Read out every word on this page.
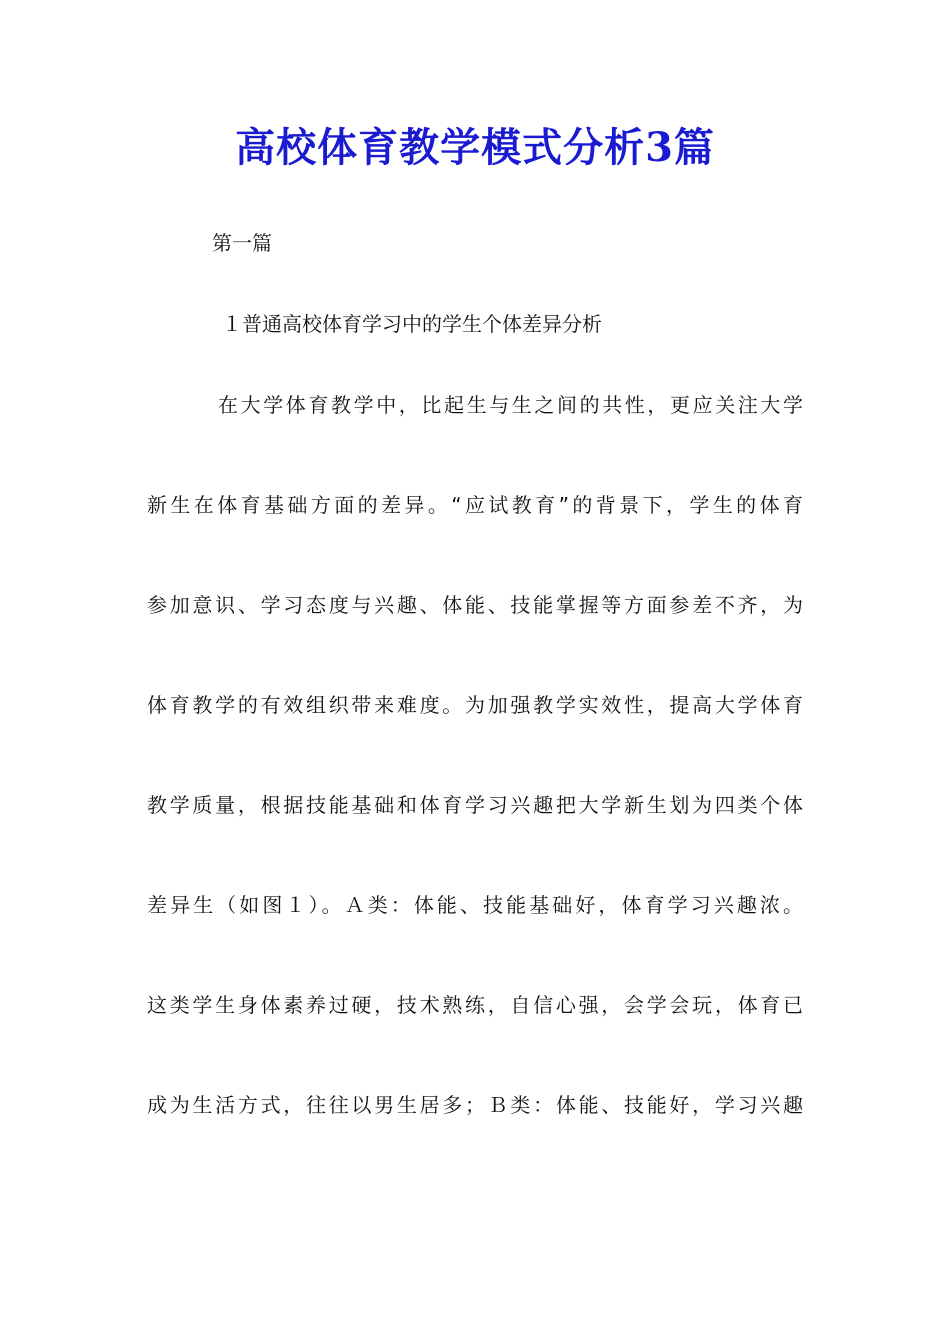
高校体育教学模式分析3篇
第一篇
１普通高校体育学习中的学生个体差异分析
在大学体育教学中，比起生与生之间的共性，更应关注大学
新生在体育基础方面的差异。“应试教育”的背景下，学生的体育
参加意识、学习态度与兴趣、体能、技能掌握等方面参差不齐，为
体育教学的有效组织带来难度。为加强教学实效性，提高大学体育
教学质量，根据技能基础和体育学习兴趣把大学新生划为四类个体
差异生（如图１）。Ａ类：体能、技能基础好，体育学习兴趣浓。
这类学生身体素养过硬，技术熟练，自信心强，会学会玩，体育已
成为生活方式，往往以男生居多；Ｂ类：体能、技能好，学习兴趣
